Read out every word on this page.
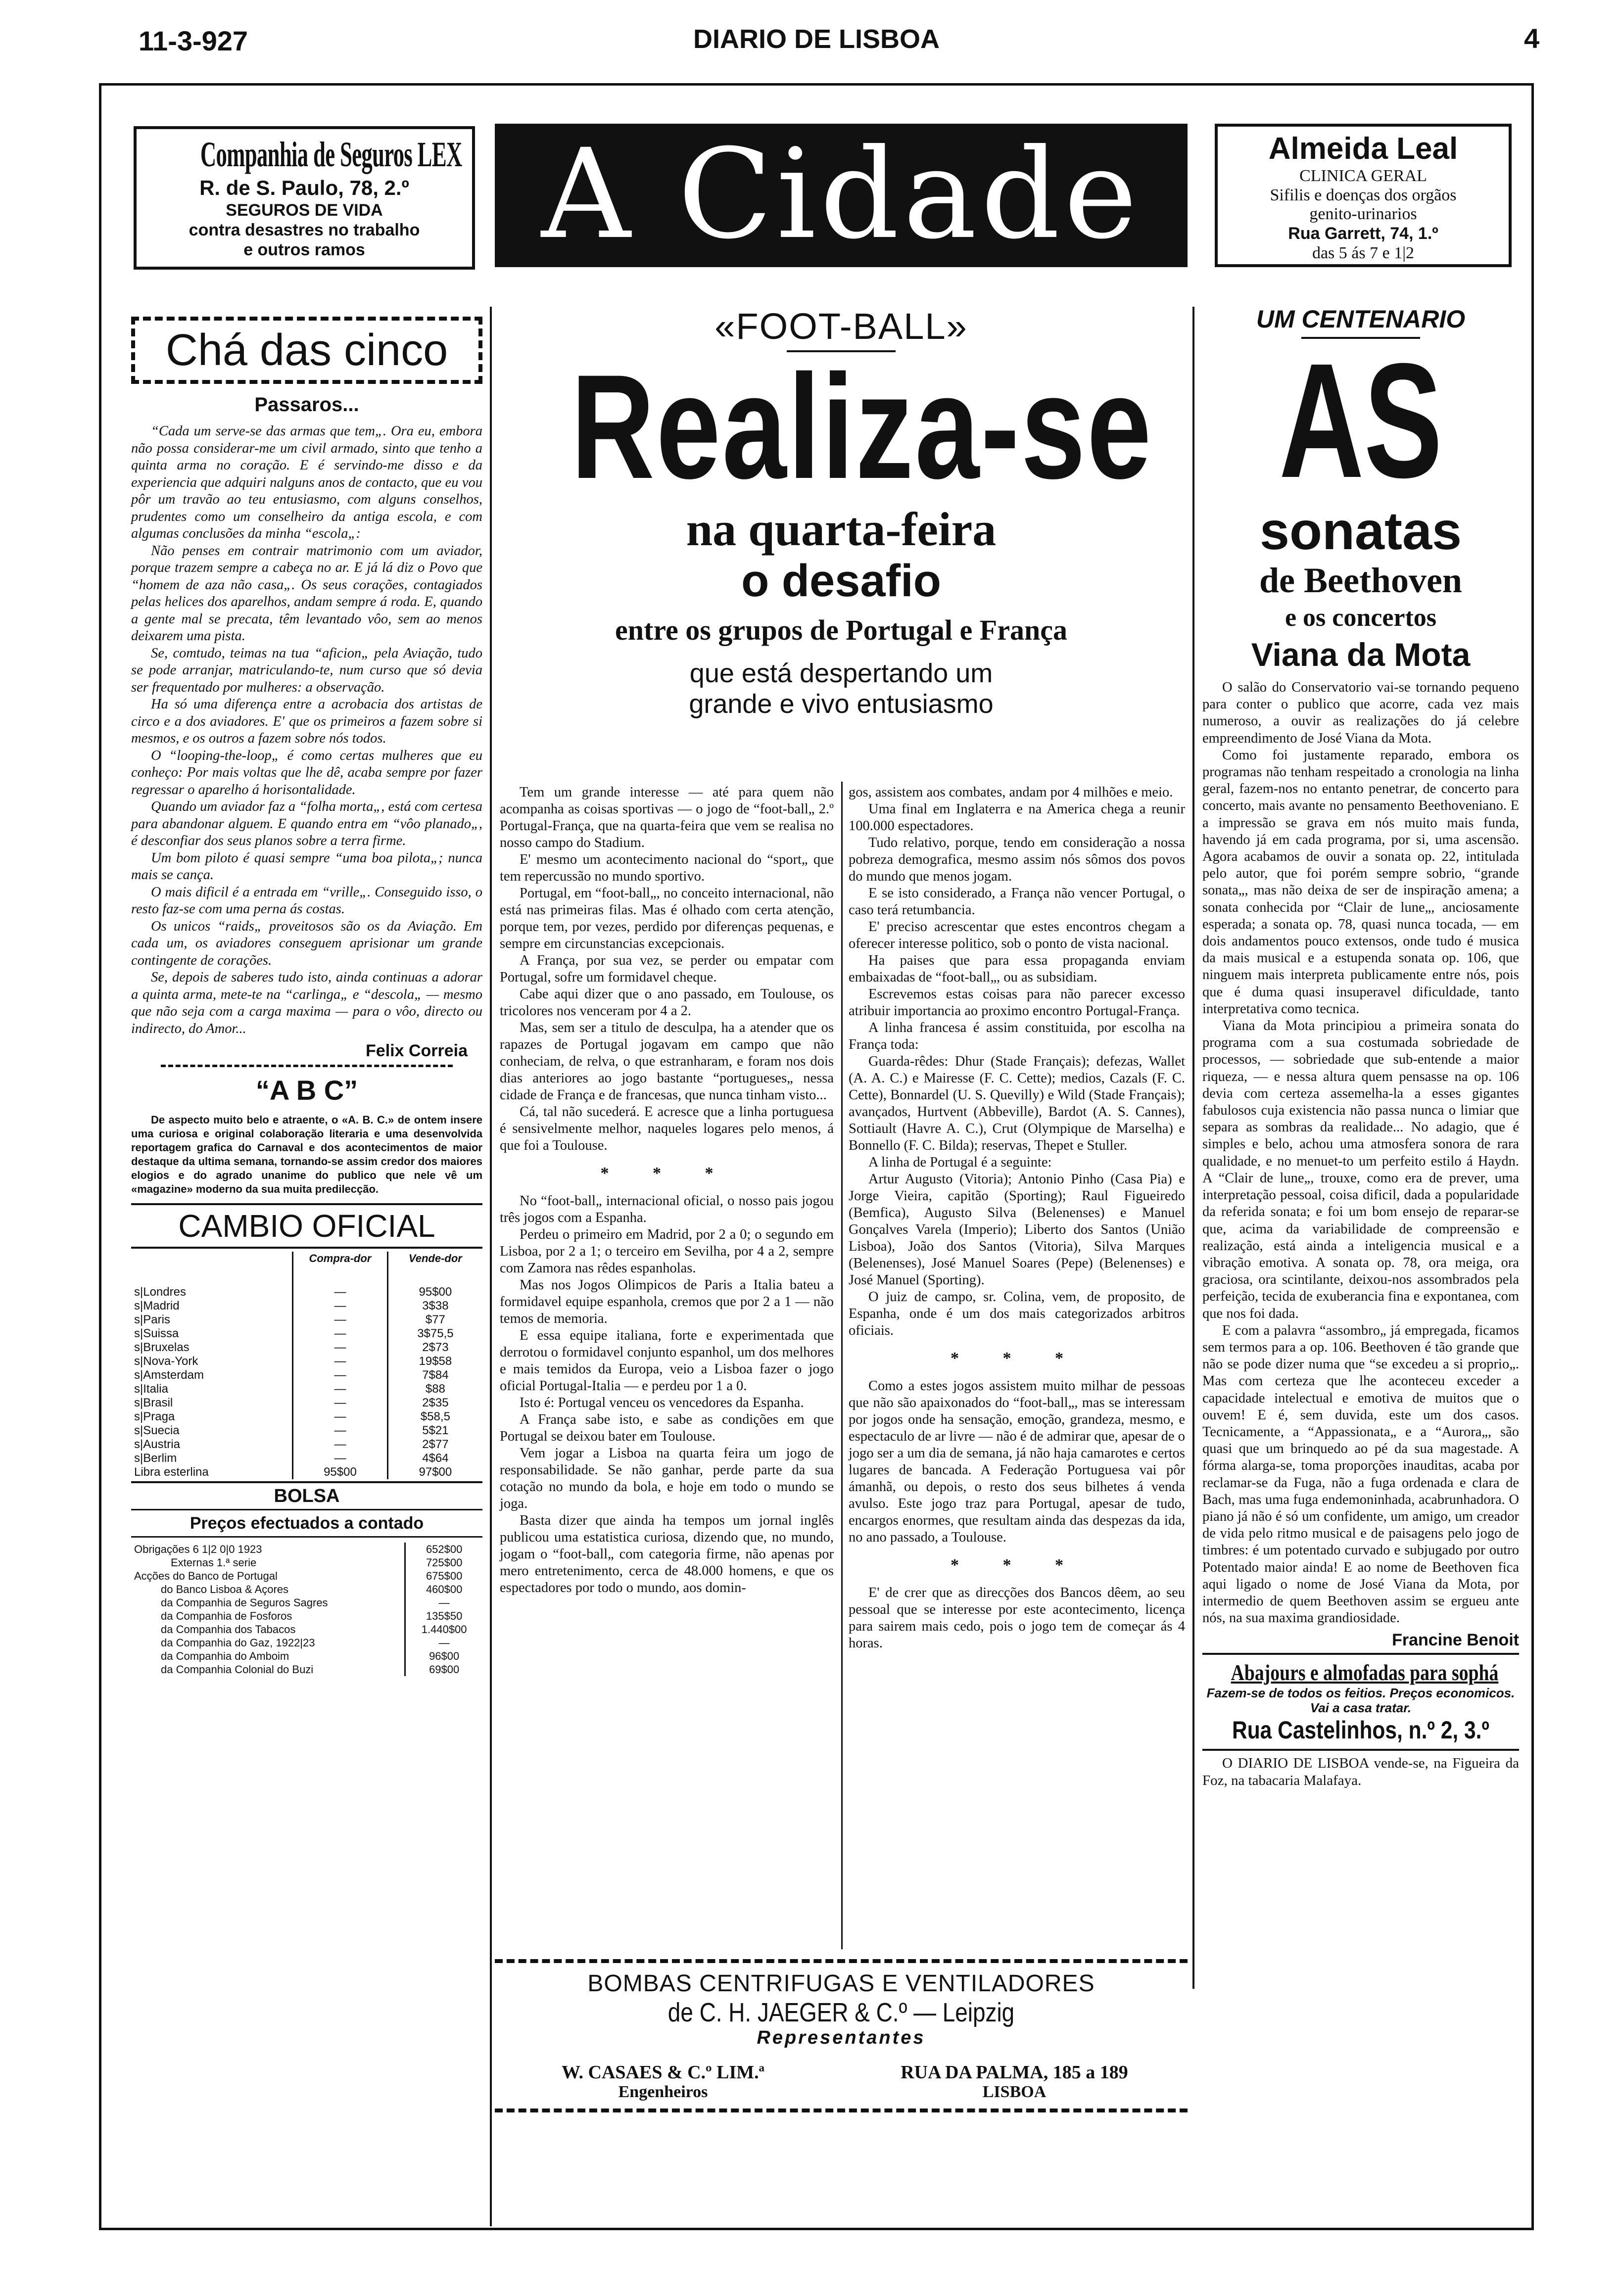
11-3-927	DIARIO DE LISBOA	4
Companhia de Seguros LEX
R. de S. Paulo, 78, 2.º
SEGUROS DE VIDA
contra desastres no trabalho
e outros ramos	A Cidade	Almeida Leal
CLINICA GERAL
Sifilis e doenças dos orgãos
genito-urinarios
Rua Garrett, 74, 1.º
das 5 ás 7 e 1|2
Chá das cinco
Passaros...

“Cada um serve-se das armas que tem„. Ora eu, embora não possa considerar-me um civil armado, sinto que tenho a quinta arma no coração. E é servindo-me disso e da experiencia que adquiri nalguns anos de contacto, que eu vou pôr um travão ao teu entusiasmo, com alguns conselhos, prudentes como um conselheiro da antiga escola, e com algumas conclusões da minha “escola„:

Não penses em contrair matrimonio com um aviador, porque trazem sempre a cabeça no ar. E já lá diz o Povo que “homem de aza não casa„. Os seus corações, contagiados pelas helices dos aparelhos, andam sempre á roda. E, quando a gente mal se precata, têm levantado vôo, sem ao menos deixarem uma pista.

Se, comtudo, teimas na tua “aficion„ pela Aviação, tudo se pode arranjar, matriculando-te, num curso que só devia ser frequentado por mulheres: a observação.

Ha só uma diferença entre a acrobacia dos artistas de circo e a dos aviadores. E' que os primeiros a fazem sobre si mesmos, e os outros a fazem sobre nós todos.

O “looping-the-loop„ é como certas mulheres que eu conheço: Por mais voltas que lhe dê, acaba sempre por fazer regressar o aparelho á horisontalidade.

Quando um aviador faz a “folha morta„, está com certesa para abandonar alguem. E quando entra em “vôo planado„, é desconfiar dos seus planos sobre a terra firme.

Um bom piloto é quasi sempre “uma boa pilota„; nunca mais se cança.

O mais dificil é a entrada em “vrille„. Conseguido isso, o resto faz-se com uma perna ás costas.

Os unicos “raids„ proveitosos são os da Aviação. Em cada um, os aviadores conseguem aprisionar um grande contingente de corações.

Se, depois de saberes tudo isto, ainda continuas a adorar a quinta arma, mete-te na “carlinga„ e “descola„ — mesmo que não seja com a carga maxima — para o vôo, directo ou indirecto, do Amor...

Felix Correia
“A B C”
De aspecto muito belo e atraente, o «A. B. C.» de ontem insere uma curiosa e original colaboração literaria e uma desenvolvida reportagem grafica do Carnaval e dos acontecimentos de maior destaque da ultima semana, tornando-se assim credor dos maiores elogios e do agrado unanime do publico que nele vê um «magazine» moderno da sua muita predilecção.
CAMBIO OFICIAL
	Compra-dor	Vende-dor

s|Londres	—	95$00
s|Madrid	—	3$38
s|Paris	—	$77
s|Suissa	—	3$75,5
s|Bruxelas	—	2$73
s|Nova-York	—	19$58
s|Amsterdam	—	7$84
s|Italia	—	$88
s|Brasil	—	2$35
s|Praga	—	$58,5
s|Suecia	—	5$21
s|Austria	—	2$77
s|Berlim	—	4$64
Libra esterlina	95$00	97$00
BOLSA
Preços efectuados a contado
Obrigações 6 1|2 0|0 1923	652$00
Externas 1.ª serie	725$00
Acções do Banco de Portugal	675$00
do Banco Lisboa & Açores	460$00
da Companhia de Seguros Sagres	—
da Companhia de Fosforos	135$50
da Companhia dos Tabacos	1.440$00
da Companhia do Gaz, 1922|23	—
da Companhia do Amboim	96$00
da Companhia Colonial do Buzi	69$00
«FOOT-BALL»
Realiza-se
na quarta-feira
o desafio
entre os grupos de Portugal e França
que está despertando um
grande e vivo entusiasmo

Tem um grande interesse — até para quem não acompanha as coisas sportivas — o jogo de “foot-ball„ 2.º Portugal-França, que na quarta-feira que vem se realisa no nosso campo do Stadium.

E' mesmo um acontecimento nacional do “sport„ que tem repercussão no mundo sportivo.

Portugal, em “foot-ball„, no conceito internacional, não está nas primeiras filas. Mas é olhado com certa atenção, porque tem, por vezes, perdido por diferenças pequenas, e sempre em circunstancias excepcionais.

A França, por sua vez, se perder ou empatar com Portugal, sofre um formidavel cheque.

Cabe aqui dizer que o ano passado, em Toulouse, os tricolores nos venceram por 4 a 2.

Mas, sem ser a titulo de desculpa, ha a atender que os rapazes de Portugal jogavam em campo que não conheciam, de relva, o que estranharam, e foram nos dois dias anteriores ao jogo bastante “portugueses„ nessa cidade de França e de francesas, que nunca tinham visto...

Cá, tal não sucederá. E acresce que a linha portuguesa é sensivelmente melhor, naqueles logares pelo menos, á que foi a Toulouse.

* * *

No “foot-ball„ internacional oficial, o nosso pais jogou três jogos com a Espanha.

Perdeu o primeiro em Madrid, por 2 a 0; o segundo em Lisboa, por 2 a 1; o terceiro em Sevilha, por 4 a 2, sempre com Zamora nas rêdes espanholas.

Mas nos Jogos Olimpicos de Paris a Italia bateu a formidavel equipe espanhola, cremos que por 2 a 1 — não temos de memoria.

E essa equipe italiana, forte e experimentada que derrotou o formidavel conjunto espanhol, um dos melhores e mais temidos da Europa, veio a Lisboa fazer o jogo oficial Portugal-Italia — e perdeu por 1 a 0.

Isto é: Portugal venceu os vencedores da Espanha.

A França sabe isto, e sabe as condições em que Portugal se deixou bater em Toulouse.

Vem jogar a Lisboa na quarta feira um jogo de responsabilidade. Se não ganhar, perde parte da sua cotação no mundo da bola, e hoje em todo o mundo se joga.

Basta dizer que ainda ha tempos um jornal inglês publicou uma estatistica curiosa, dizendo que, no mundo, jogam o “foot-ball„ com categoria firme, não apenas por mero entretenimento, cerca de 48.000 homens, e que os espectadores por todo o mundo, aos domin-

gos, assistem aos combates, andam por 4 milhões e meio.

Uma final em Inglaterra e na America chega a reunir 100.000 espectadores.

Tudo relativo, porque, tendo em consideração a nossa pobreza demografica, mesmo assim nós sômos dos povos do mundo que menos jogam.

E se isto considerado, a França não vencer Portugal, o caso terá retumbancia.

E' preciso acrescentar que estes encontros chegam a oferecer interesse politico, sob o ponto de vista nacional.

Ha paises que para essa propaganda enviam embaixadas de “foot-ball„, ou as subsidiam.

Escrevemos estas coisas para não parecer excesso atribuir importancia ao proximo encontro Portugal-França.

A linha francesa é assim constituida, por escolha na França toda:

Guarda-rêdes: Dhur (Stade Français); defezas, Wallet (A. A. C.) e Mairesse (F. C. Cette); medios, Cazals (F. C. Cette), Bonnardel (U. S. Quevilly) e Wild (Stade Français); avançados, Hurtvent (Abbeville), Bardot (A. S. Cannes), Sottiault (Havre A. C.), Crut (Olympique de Marselha) e Bonnello (F. C. Bilda); reservas, Thepet e Stuller.

A linha de Portugal é a seguinte:

Artur Augusto (Vitoria); Antonio Pinho (Casa Pia) e Jorge Vieira, capitão (Sporting); Raul Figueiredo (Bemfica), Augusto Silva (Belenenses) e Manuel Gonçalves Varela (Imperio); Liberto dos Santos (União Lisboa), João dos Santos (Vitoria), Silva Marques (Belenenses), José Manuel Soares (Pepe) (Belenenses) e José Manuel (Sporting).

O juiz de campo, sr. Colina, vem, de proposito, de Espanha, onde é um dos mais categorizados arbitros oficiais.

* * *

Como a estes jogos assistem muito milhar de pessoas que não são apaixonados do “foot-ball„, mas se interessam por jogos onde ha sensação, emoção, grandeza, mesmo, e espectaculo de ar livre — não é de admirar que, apesar de o jogo ser a um dia de semana, já não haja camarotes e certos lugares de bancada. A Federação Portuguesa vai pôr ámanhã, ou depois, o resto dos seus bilhetes á venda avulso. Este jogo traz para Portugal, apesar de tudo, encargos enormes, que resultam ainda das despezas da ida, no ano passado, a Toulouse.

* * *

E' de crer que as direcções dos Bancos dêem, ao seu pessoal que se interesse por este acontecimento, licença para sairem mais cedo, pois o jogo tem de começar ás 4 horas.

BOMBAS CENTRIFUGAS E VENTILADORES
de C. H. JAEGER & C.º — Leipzig
Representantes
W. CASAES & C.º LIM.ª
Engenheiros
RUA DA PALMA, 185 a 189
LISBOA
UM CENTENARIO
AS
sonatas
de Beethoven
e os concertos
Viana da Mota

O salão do Conservatorio vai-se tornando pequeno para conter o publico que acorre, cada vez mais numeroso, a ouvir as realizações do já celebre empreendimento de José Viana da Mota.

Como foi justamente reparado, embora os programas não tenham respeitado a cronologia na linha geral, fazem-nos no entanto penetrar, de concerto para concerto, mais avante no pensamento Beethoveniano. E a impressão se grava em nós muito mais funda, havendo já em cada programa, por si, uma ascensão. Agora acabamos de ouvir a sonata op. 22, intitulada pelo autor, que foi porém sempre sobrio, “grande sonata„, mas não deixa de ser de inspiração amena; a sonata conhecida por “Clair de lune„, anciosamente esperada; a sonata op. 78, quasi nunca tocada, — em dois andamentos pouco extensos, onde tudo é musica da mais musical e a estupenda sonata op. 106, que ninguem mais interpreta publicamente entre nós, pois que é duma quasi insuperavel dificuldade, tanto interpretativa como tecnica.

Viana da Mota principiou a primeira sonata do programa com a sua costumada sobriedade de processos, — sobriedade que sub-entende a maior riqueza, — e nessa altura quem pensasse na op. 106 devia com certeza assemelha-la a esses gigantes fabulosos cuja existencia não passa nunca o limiar que separa as sombras da realidade... No adagio, que é simples e belo, achou uma atmosfera sonora de rara qualidade, e no menuet-to um perfeito estilo á Haydn. A “Clair de lune„, trouxe, como era de prever, uma interpretação pessoal, coisa dificil, dada a popularidade da referida sonata; e foi um bom ensejo de reparar-se que, acima da variabilidade de compreensão e realização, está ainda a inteligencia musical e a vibração emotiva. A sonata op. 78, ora meiga, ora graciosa, ora scintilante, deixou-nos assombrados pela perfeição, tecida de exuberancia fina e expontanea, com que nos foi dada.

E com a palavra “assombro„ já empregada, ficamos sem termos para a op. 106. Beethoven é tão grande que não se pode dizer numa que “se excedeu a si proprio„. Mas com certeza que lhe aconteceu exceder a capacidade intelectual e emotiva de muitos que o ouvem! E é, sem duvida, este um dos casos. Tecnicamente, a “Appassionata„ e a “Aurora„, são quasi que um brinquedo ao pé da sua magestade. A fórma alarga-se, toma proporções inauditas, acaba por reclamar-se da Fuga, não a fuga ordenada e clara de Bach, mas uma fuga endemoninhada, acabrunhadora. O piano já não é só um confidente, um amigo, um creador de vida pelo ritmo musical e de paisagens pelo jogo de timbres: é um potentado curvado e subjugado por outro Potentado maior ainda! E ao nome de Beethoven fica aqui ligado o nome de José Viana da Mota, por intermedio de quem Beethoven assim se ergueu ante nós, na sua maxima grandiosidade.

Francine Benoit
Abajours e almofadas para sophá
Fazem-se de todos os feitios. Preços economicos. Vai a casa tratar.
Rua Castelinhos, n.º 2, 3.º
O DIARIO DE LISBOA vende-se, na Figueira da Foz, na tabacaria Malafaya.
